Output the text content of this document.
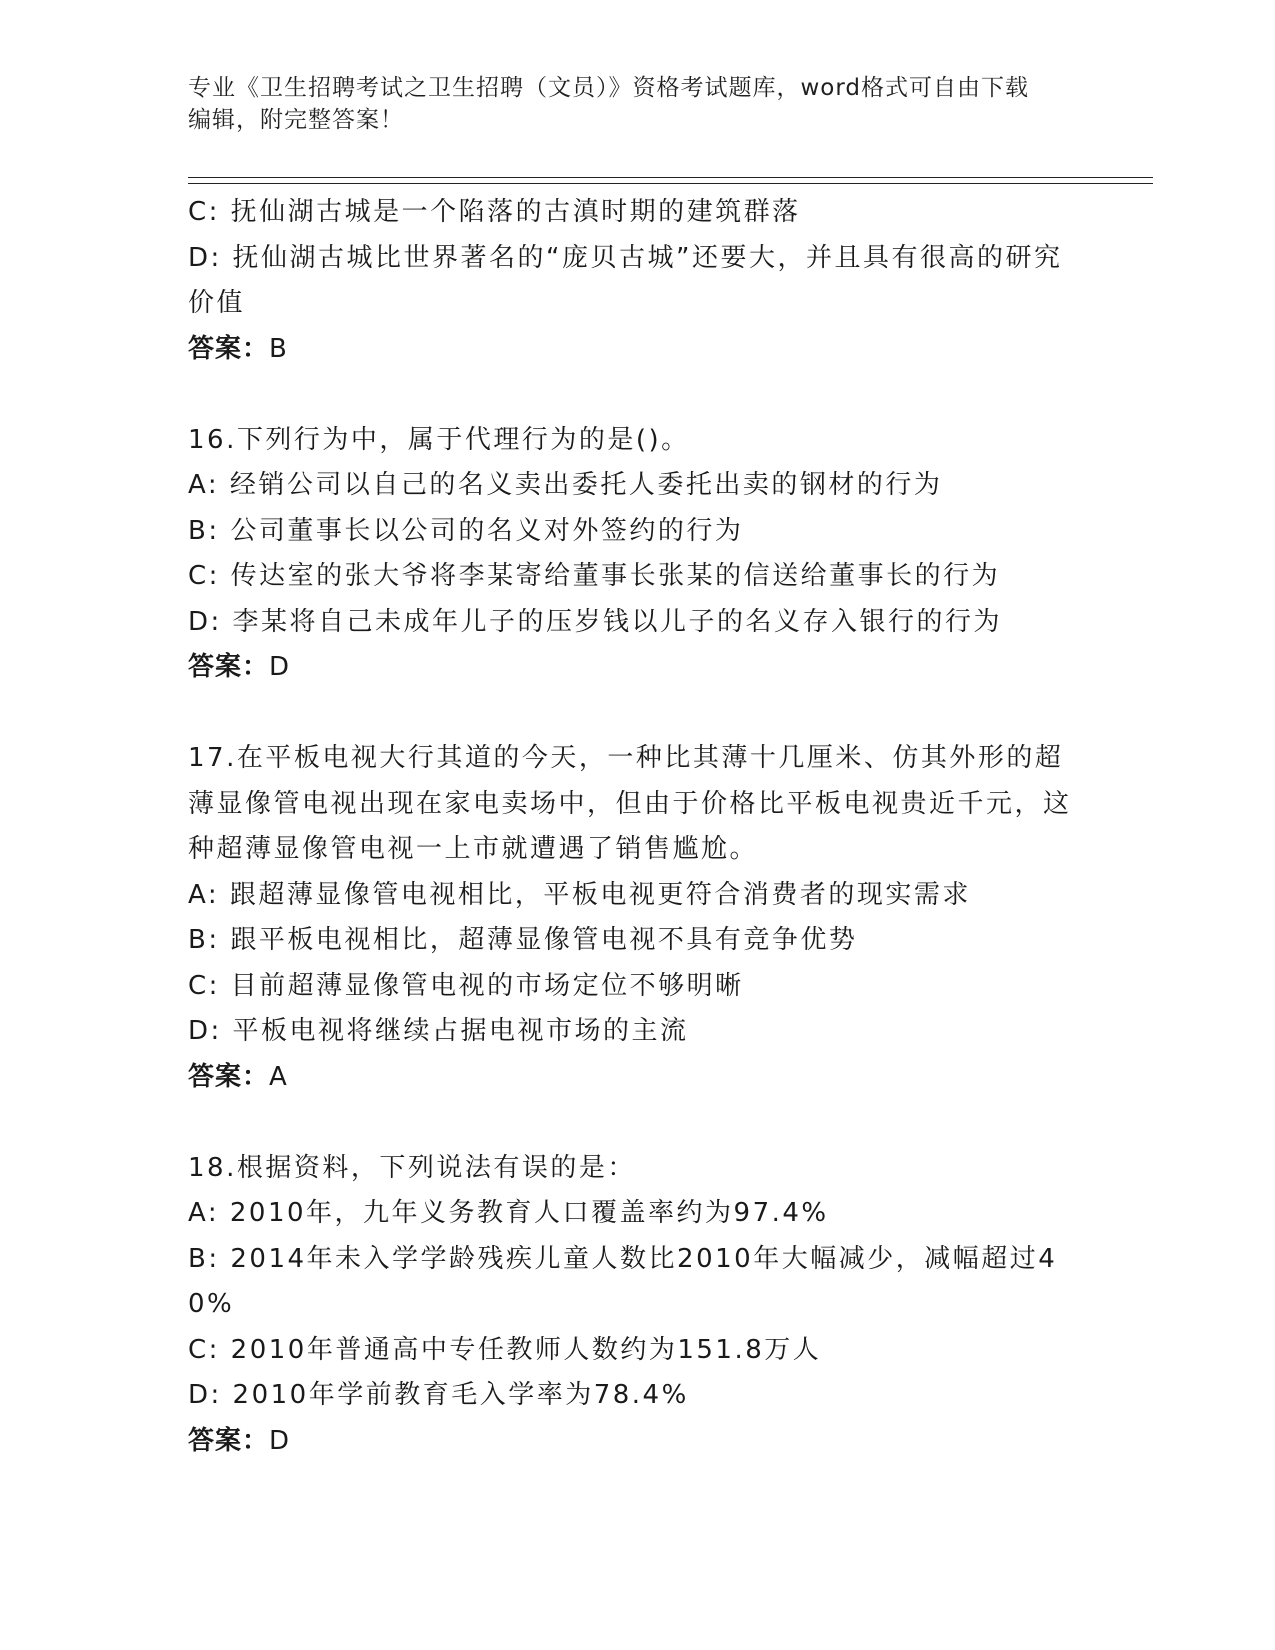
专业《卫生招聘考试之卫生招聘（文员）》资格考试题库，word格式可自由下载
编辑，附完整答案！
C: 抚仙湖古城是一个陷落的古滇时期的建筑群落
D: 抚仙湖古城比世界著名的“庞贝古城”还要大，并且具有很高的研究价值
答案：B
16.下列行为中，属于代理行为的是()。
A: 经销公司以自己的名义卖出委托人委托出卖的钢材的行为
B: 公司董事长以公司的名义对外签约的行为
C: 传达室的张大爷将李某寄给董事长张某的信送给董事长的行为
D: 李某将自己未成年儿子的压岁钱以儿子的名义存入银行的行为
答案：D
17.在平板电视大行其道的今天，一种比其薄十几厘米、仿其外形的超薄显像管电视出现在家电卖场中，但由于价格比平板电视贵近千元，这种超薄显像管电视一上市就遭遇了销售尴尬。
A: 跟超薄显像管电视相比，平板电视更符合消费者的现实需求
B: 跟平板电视相比，超薄显像管电视不具有竞争优势
C: 目前超薄显像管电视的市场定位不够明晰
D: 平板电视将继续占据电视市场的主流
答案：A
18.根据资料，下列说法有误的是：
A: 2010年，九年义务教育人口覆盖率约为97.4%
B: 2014年未入学学龄残疾儿童人数比2010年大幅减少，减幅超过40%
C: 2010年普通高中专任教师人数约为151.8万人
D: 2010年学前教育毛入学率为78.4%
答案：D
